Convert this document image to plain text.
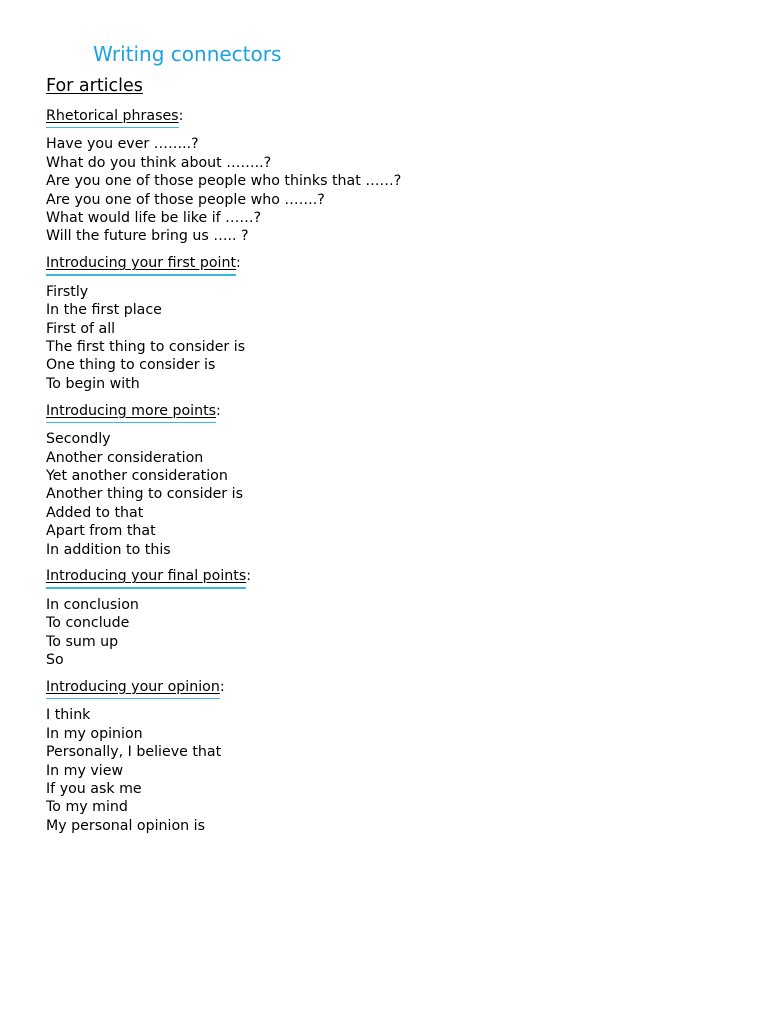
Writing connectors
For articles
Rhetorical phrases:
Have you ever ……..?
What do you think about ……..?
Are you one of those people who thinks that ……?
Are you one of those people who …….?
What would life be like if ……?
Will the future bring us ….. ?
Introducing your first point:
Firstly
In the first place
First of all
The first thing to consider is
One thing to consider is
To begin with
Introducing more points:
Secondly
Another consideration
Yet another consideration
Another thing to consider is
Added to that
Apart from that
In addition to this
Introducing your final points:
In conclusion
To conclude
To sum up
So
Introducing your opinion:
I think
In my opinion
Personally, I believe that
In my view
If you ask me
To my mind
My personal opinion is
